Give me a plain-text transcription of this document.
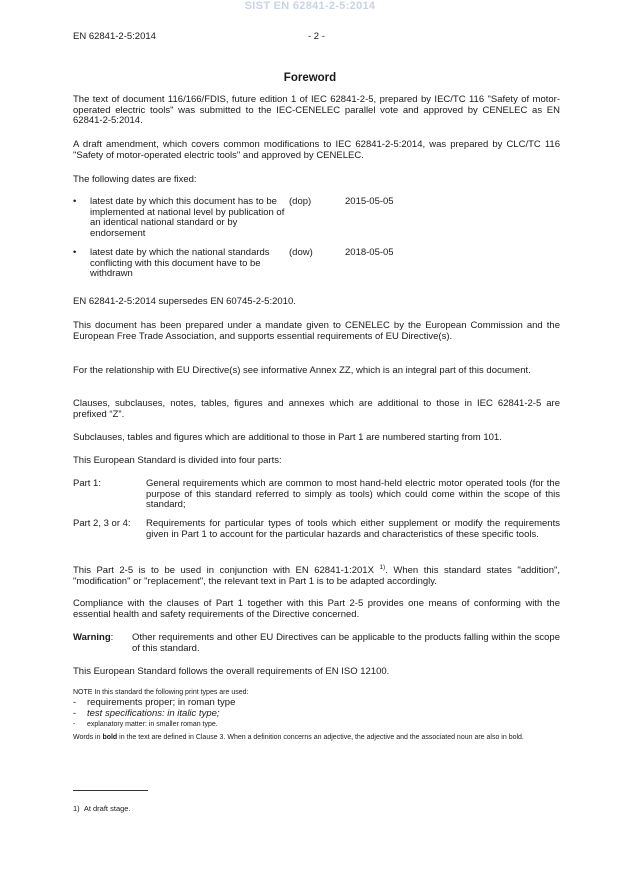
SIST EN 62841-2-5:2014
EN 62841-2-5:2014	- 2 -
Foreword
The text of document 116/166/FDIS, future edition 1 of IEC 62841-2-5, prepared by IEC/TC 116 "Safety of motor-operated electric tools" was submitted to the IEC-CENELEC parallel vote and approved by CENELEC as EN 62841-2-5:2014.
A draft amendment, which covers common modifications to IEC 62841-2-5:2014, was prepared by CLC/TC 116 "Safety of motor-operated electric tools" and approved by CENELEC.
The following dates are fixed:
• latest date by which this document has to be implemented at national level by publication of an identical national standard or by endorsement
(dop)	2015-05-05
• latest date by which the national standards conflicting with this document have to be withdrawn
(dow)	2018-05-05
EN 62841-2-5:2014 supersedes EN 60745-2-5:2010.
This document has been prepared under a mandate given to CENELEC by the European Commission and the European Free Trade Association, and supports essential requirements of EU Directive(s).
For the relationship with EU Directive(s) see informative Annex ZZ, which is an integral part of this document.
Clauses, subclauses, notes, tables, figures and annexes which are additional to those in IEC 62841-2-5 are prefixed “Z”.
Subclauses, tables and figures which are additional to those in Part 1 are numbered starting from 101.
This European Standard is divided into four parts:
Part 1:	General requirements which are common to most hand-held electric motor operated tools (for the purpose of this standard referred to simply as tools) which could come within the scope of this standard;
Part 2, 3 or 4: Requirements for particular types of tools which either supplement or modify the requirements given in Part 1 to account for the particular hazards and characteristics of these specific tools.
This Part 2-5 is to be used in conjunction with EN 62841-1:201X $^{1)}$. When this standard states "addition", "modification" or "replacement", the relevant text in Part 1 is to be adapted accordingly.
Compliance with the clauses of Part 1 together with this Part 2-5 provides one means of conforming with the essential health and safety requirements of the Directive concerned.
Warning: Other requirements and other EU Directives can be applicable to the products falling within the scope of this standard.
This European Standard follows the overall requirements of EN ISO 12100.
NOTE In this standard the following print types are used:
- requirements proper; in roman type
- test specifications: in italic type;
- explanatory matter: in smaller roman type.
Words in bold in the text are defined in Clause 3. When a definition concerns an adjective, the adjective and the associated noun are also in bold.
1) At draft stage.
